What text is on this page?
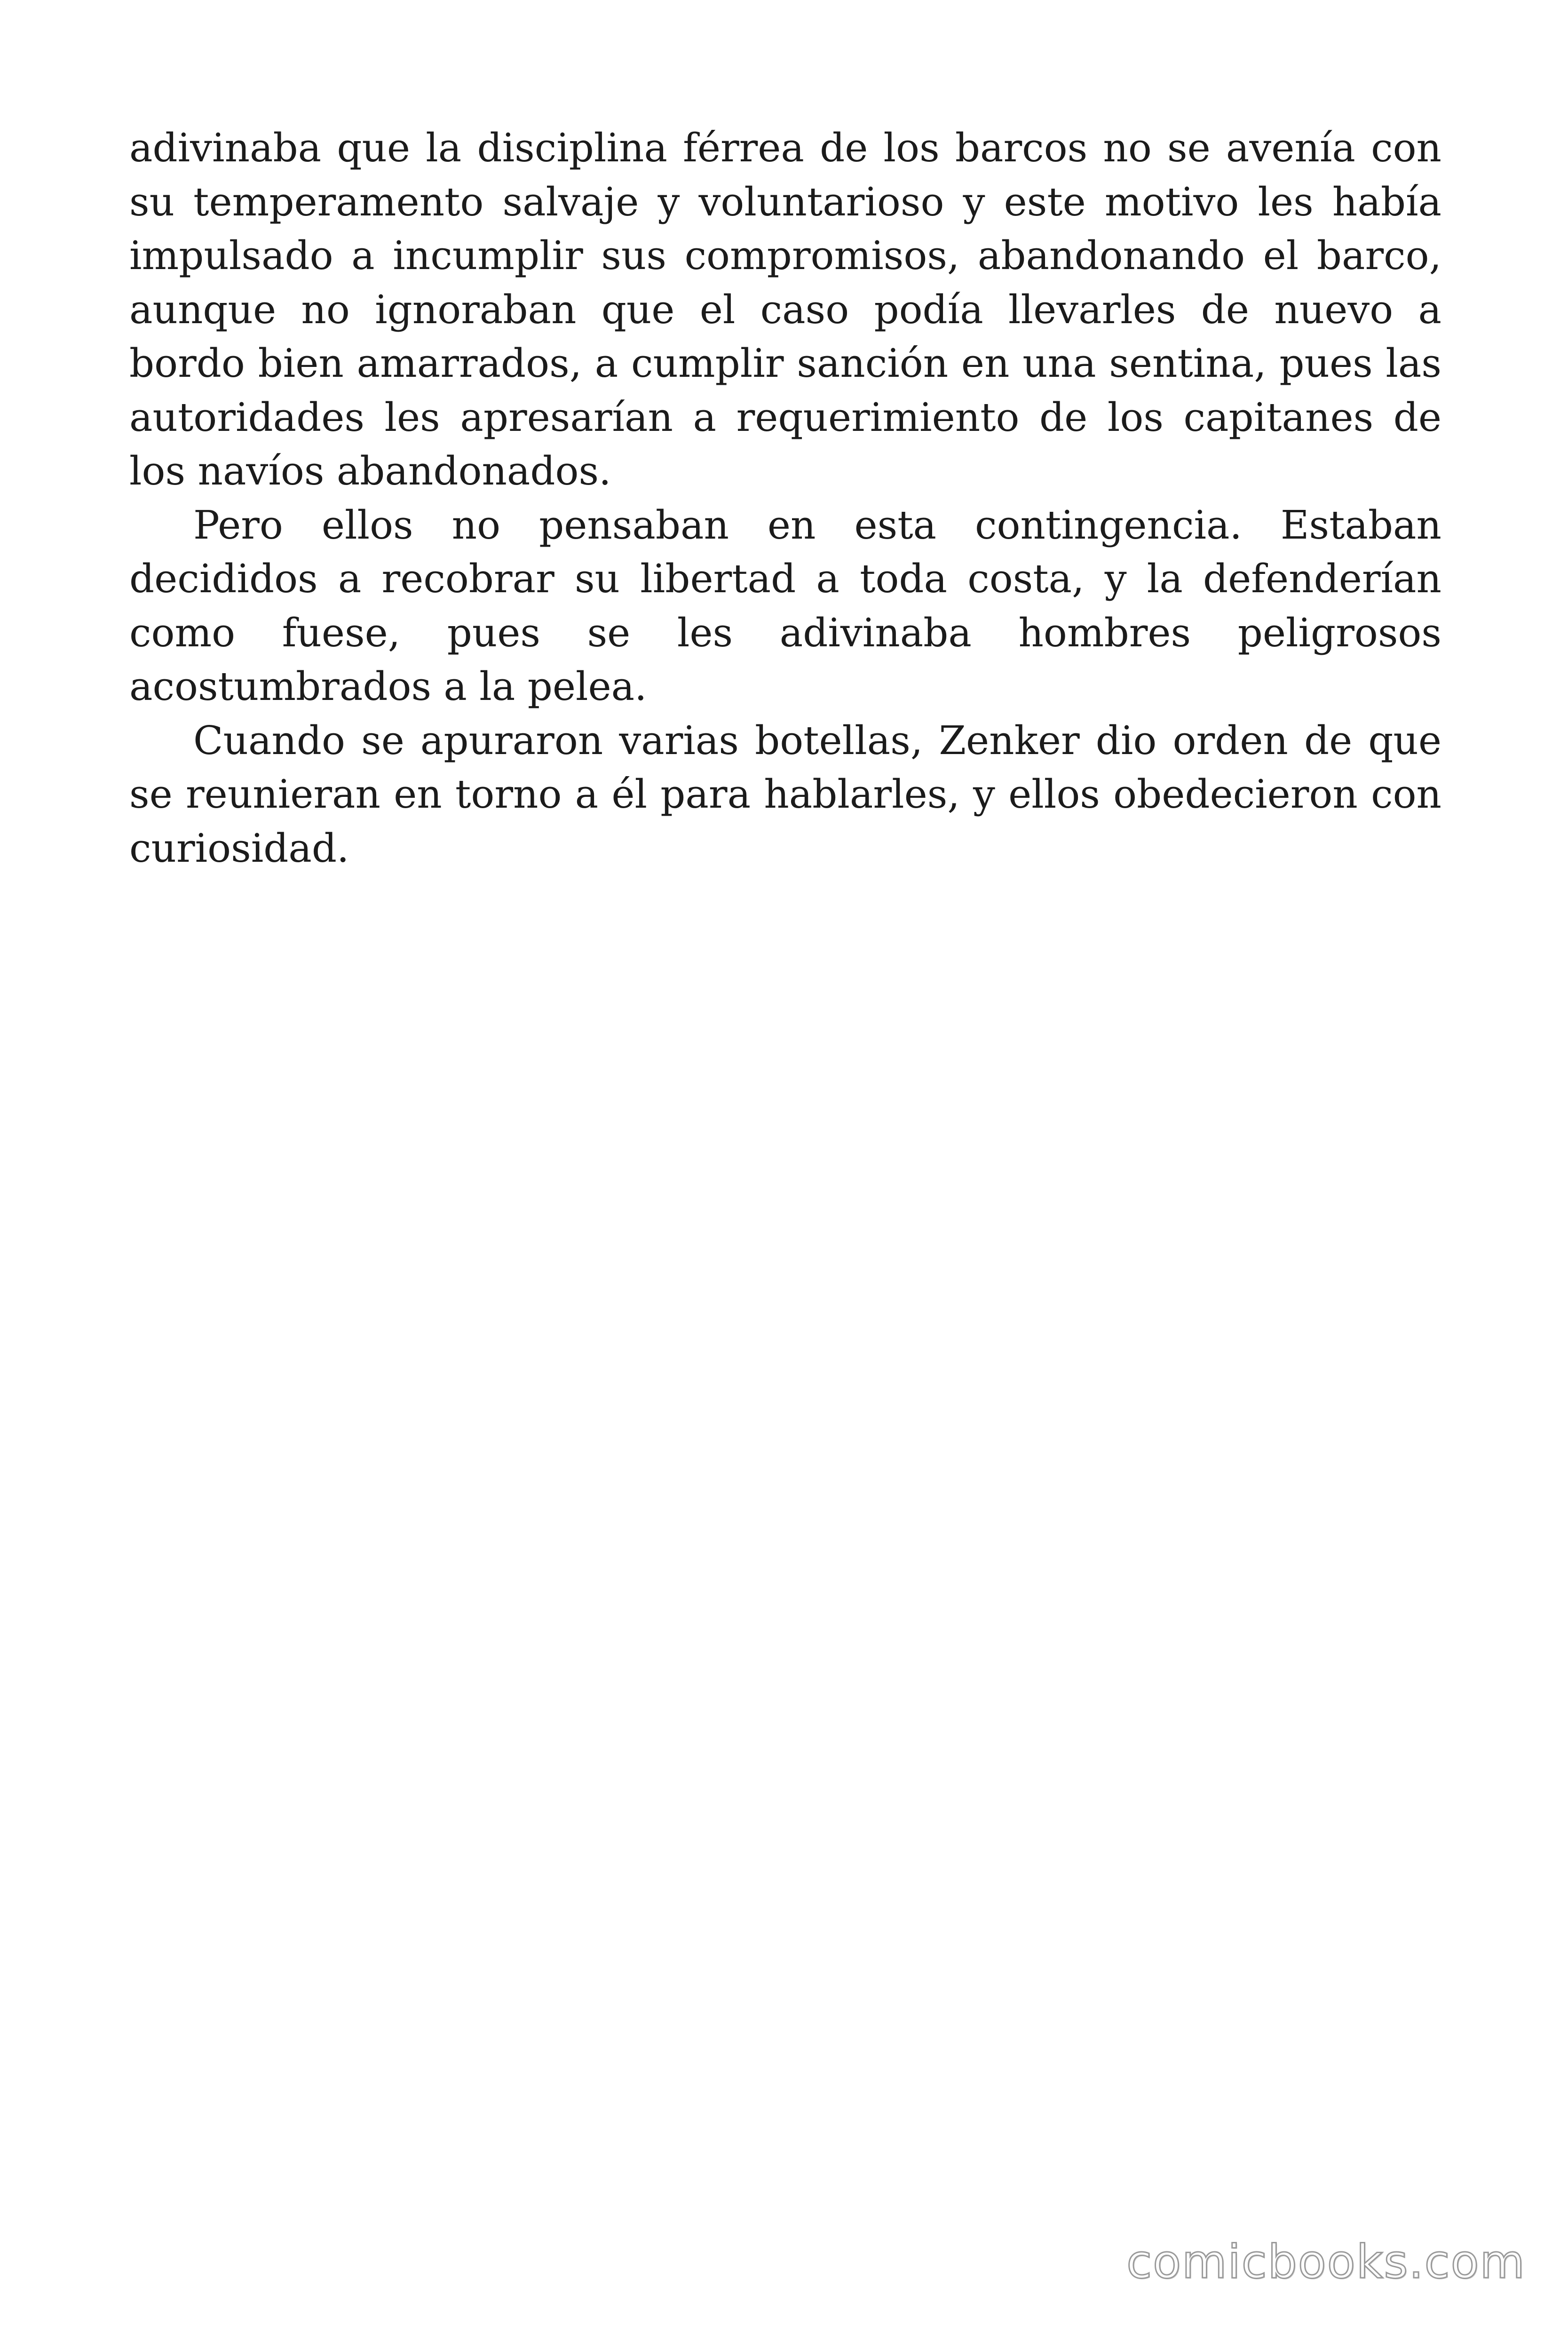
adivinaba que la disciplina férrea de los barcos no se avenía con su temperamento salvaje y voluntarioso y este motivo les había impulsado a incumplir sus compromisos, abandonando el barco, aunque no ignoraban que el caso podía llevarles de nuevo a bordo bien amarrados, a cumplir sanción en una sentina, pues las autoridades les apresarían a requerimiento de los capitanes de los navíos abandonados.

Pero ellos no pensaban en esta contingencia. Estaban decididos a recobrar su libertad a toda costa, y la defenderían como fuese, pues se les adivinaba hombres peligrosos acostumbrados a la pelea.

Cuando se apuraron varias botellas, Zenker dio orden de que se reunieran en torno a él para hablarles, y ellos obedecieron con curiosidad.

comicbooks.com
